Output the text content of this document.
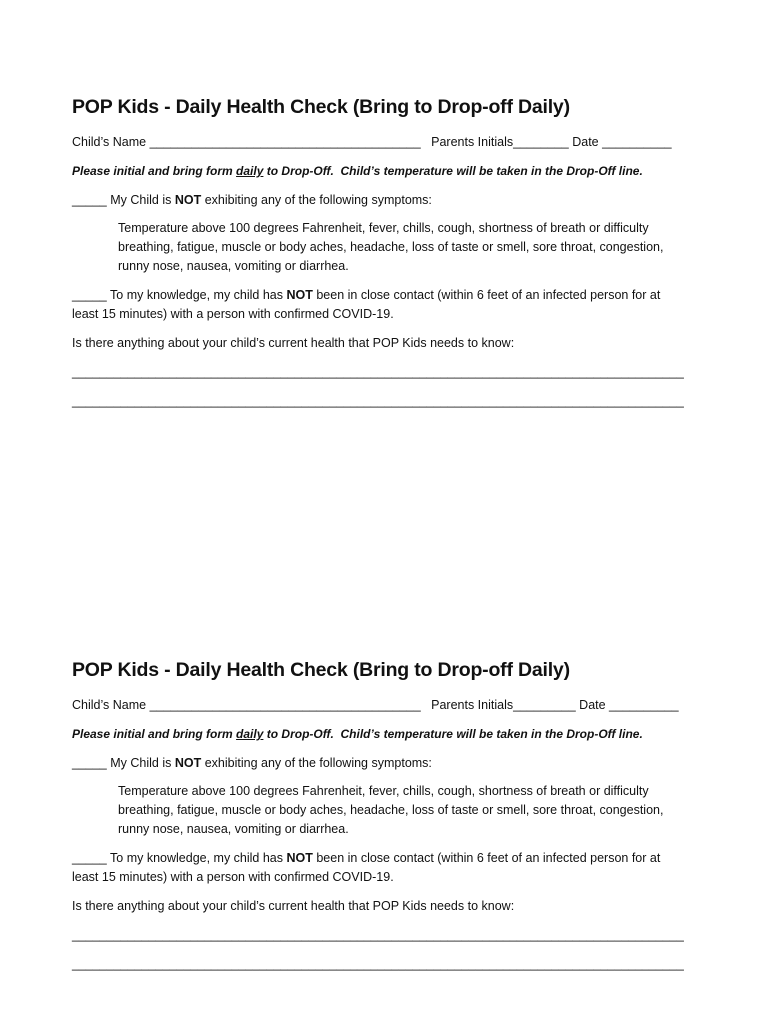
POP Kids - Daily Health Check (Bring to Drop-off Daily)

Child’s Name _______________________________________ Parents Initials________ Date __________

Please initial and bring form daily to Drop-Off.  Child’s temperature will be taken in the Drop-Off line.

_____ My Child is NOT exhibiting any of the following symptoms:

Temperature above 100 degrees Fahrenheit, fever, chills, cough, shortness of breath or difficulty breathing, fatigue, muscle or body aches, headache, loss of taste or smell, sore throat, congestion, runny nose, nausea, vomiting or diarrhea.

_____ To my knowledge, my child has NOT been in close contact (within 6 feet of an infected person for at least 15 minutes) with a person with confirmed COVID-19.

Is there anything about your child’s current health that POP Kids needs to know:

________________________________________________________________________________________

________________________________________________________________________________________

POP Kids - Daily Health Check (Bring to Drop-off Daily)

Child’s Name _______________________________________ Parents Initials_________ Date __________

Please initial and bring form daily to Drop-Off.  Child’s temperature will be taken in the Drop-Off line.

_____ My Child is NOT exhibiting any of the following symptoms:

Temperature above 100 degrees Fahrenheit, fever, chills, cough, shortness of breath or difficulty breathing, fatigue, muscle or body aches, headache, loss of taste or smell, sore throat, congestion, runny nose, nausea, vomiting or diarrhea.

_____ To my knowledge, my child has NOT been in close contact (within 6 feet of an infected person for at least 15 minutes) with a person with confirmed COVID-19.

Is there anything about your child’s current health that POP Kids needs to know:

________________________________________________________________________________________

________________________________________________________________________________________
